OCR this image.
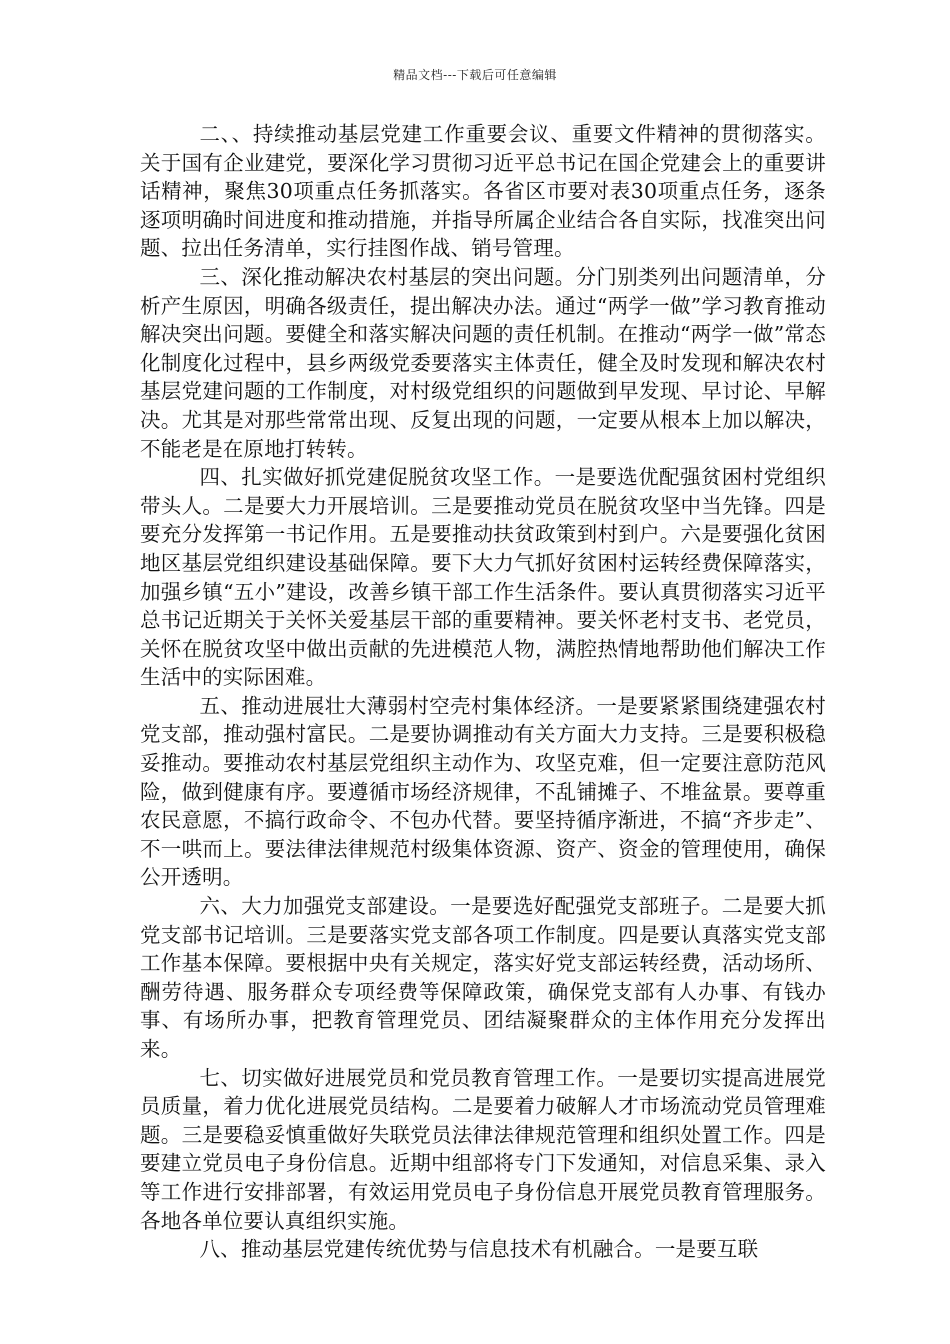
精品文档---下载后可任意编辑

二、、持续推动基层党建工作重要会议、重要文件精神的贯彻落实。关于国有企业建党，要深化学习贯彻习近平总书记在国企党建会上的重要讲话精神，聚焦30项重点任务抓落实。各省区市要对表30项重点任务，逐条逐项明确时间进度和推动措施，并指导所属企业结合各自实际，找准突出问题、拉出任务清单，实行挂图作战、销号管理。

三、深化推动解决农村基层的突出问题。分门别类列出问题清单，分析产生原因，明确各级责任，提出解决办法。通过“两学一做”学习教育推动解决突出问题。要健全和落实解决问题的责任机制。在推动“两学一做”常态化制度化过程中，县乡两级党委要落实主体责任，健全及时发现和解决农村基层党建问题的工作制度，对村级党组织的问题做到早发现、早讨论、早解决。尤其是对那些常常出现、反复出现的问题，一定要从根本上加以解决，不能老是在原地打转转。

四、扎实做好抓党建促脱贫攻坚工作。一是要选优配强贫困村党组织带头人。二是要大力开展培训。三是要推动党员在脱贫攻坚中当先锋。四是要充分发挥第一书记作用。五是要推动扶贫政策到村到户。六是要强化贫困地区基层党组织建设基础保障。要下大力气抓好贫困村运转经费保障落实，加强乡镇“五小”建设，改善乡镇干部工作生活条件。要认真贯彻落实习近平总书记近期关于关怀关爱基层干部的重要精神。要关怀老村支书、老党员，关怀在脱贫攻坚中做出贡献的先进模范人物，满腔热情地帮助他们解决工作生活中的实际困难。

五、推动进展壮大薄弱村空壳村集体经济。一是要紧紧围绕建强农村党支部，推动强村富民。二是要协调推动有关方面大力支持。三是要积极稳妥推动。要推动农村基层党组织主动作为、攻坚克难，但一定要注意防范风险，做到健康有序。要遵循市场经济规律，不乱铺摊子、不堆盆景。要尊重农民意愿，不搞行政命令、不包办代替。要坚持循序渐进，不搞“齐步走”、不一哄而上。要法律法律规范村级集体资源、资产、资金的管理使用，确保公开透明。

六、大力加强党支部建设。一是要选好配强党支部班子。二是要大抓党支部书记培训。三是要落实党支部各项工作制度。四是要认真落实党支部工作基本保障。要根据中央有关规定，落实好党支部运转经费，活动场所、酬劳待遇、服务群众专项经费等保障政策，确保党支部有人办事、有钱办事、有场所办事，把教育管理党员、团结凝聚群众的主体作用充分发挥出来。

七、切实做好进展党员和党员教育管理工作。一是要切实提高进展党员质量，着力优化进展党员结构。二是要着力破解人才市场流动党员管理难题。三是要稳妥慎重做好失联党员法律法律规范管理和组织处置工作。四是要建立党员电子身份信息。近期中组部将专门下发通知，对信息采集、录入等工作进行安排部署，有效运用党员电子身份信息开展党员教育管理服务。各地各单位要认真组织实施。

八、推动基层党建传统优势与信息技术有机融合。一是要互联
